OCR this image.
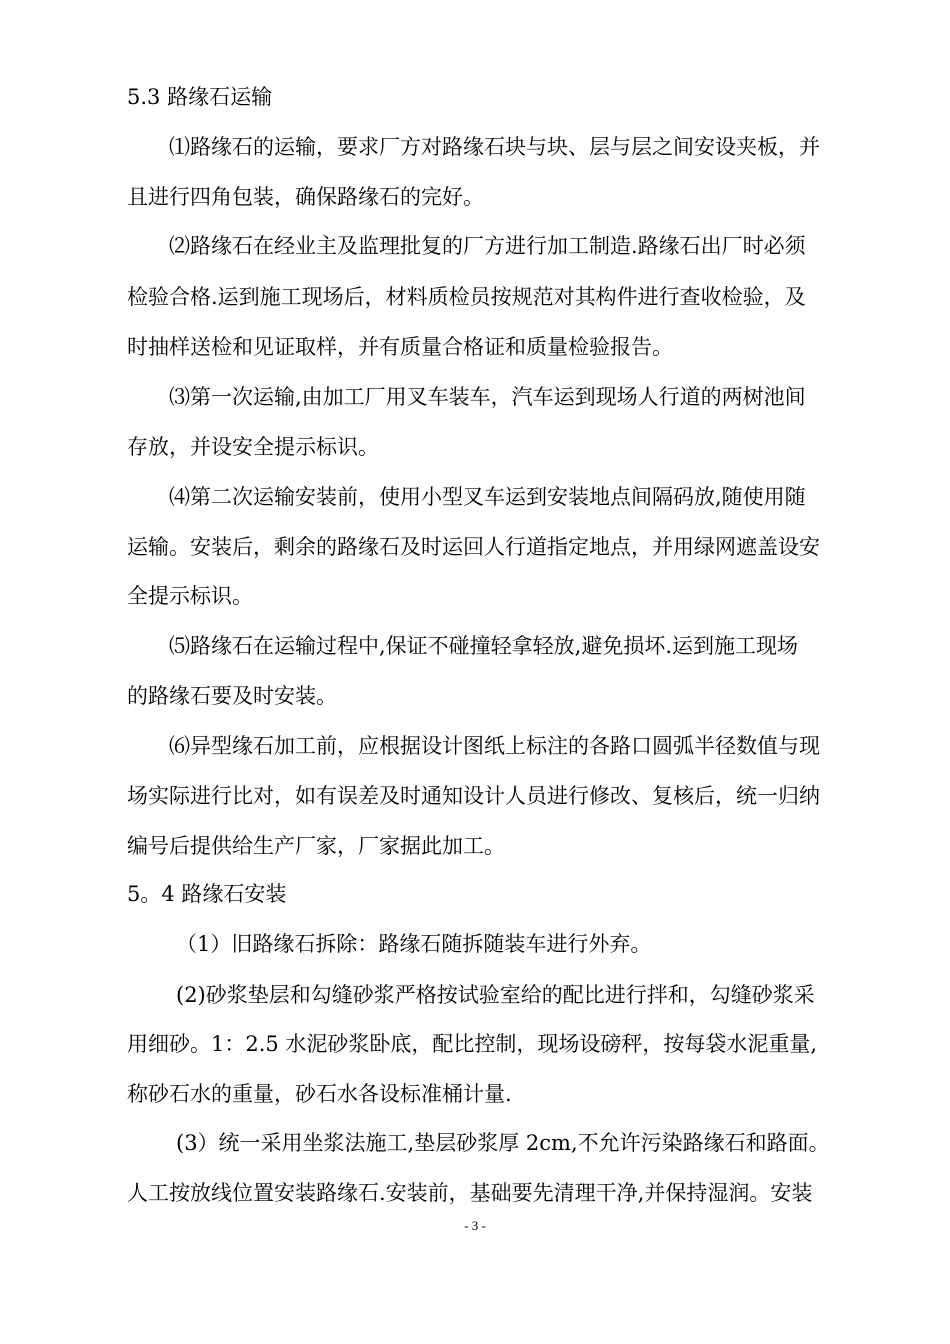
5.3 路缘石运输

⑴路缘石的运输，要求厂方对路缘石块与块、层与层之间安设夹板，并

且进行四角包装，确保路缘石的完好。

⑵路缘石在经业主及监理批复的厂方进行加工制造.路缘石出厂时必须

检验合格.运到施工现场后，材料质检员按规范对其构件进行查收检验，及

时抽样送检和见证取样，并有质量合格证和质量检验报告。

⑶第一次运输,由加工厂用叉车装车，汽车运到现场人行道的两树池间

存放，并设安全提示标识。

⑷第二次运输安装前，使用小型叉车运到安装地点间隔码放,随使用随

运输。安装后，剩余的路缘石及时运回人行道指定地点，并用绿网遮盖设安

全提示标识。

⑸路缘石在运输过程中,保证不碰撞轻拿轻放,避免损坏.运到施工现场

的路缘石要及时安装。

⑹异型缘石加工前，应根据设计图纸上标注的各路口圆弧半径数值与现

场实际进行比对，如有误差及时通知设计人员进行修改、复核后，统一归纳

编号后提供给生产厂家，厂家据此加工。

5。4 路缘石安装

（1）旧路缘石拆除：路缘石随拆随装车进行外弃。

(2)砂浆垫层和勾缝砂浆严格按试验室给的配比进行拌和，勾缝砂浆采

用细砂。1：2.5 水泥砂浆卧底，配比控制，现场设磅秤，按每袋水泥重量,

称砂石水的重量，砂石水各设标准桶计量.

(3）统一采用坐浆法施工,垫层砂浆厚 2cm,不允许污染路缘石和路面。

人工按放线位置安装路缘石.安装前，基础要先清理干净,并保持湿润。安装

- 3 -
